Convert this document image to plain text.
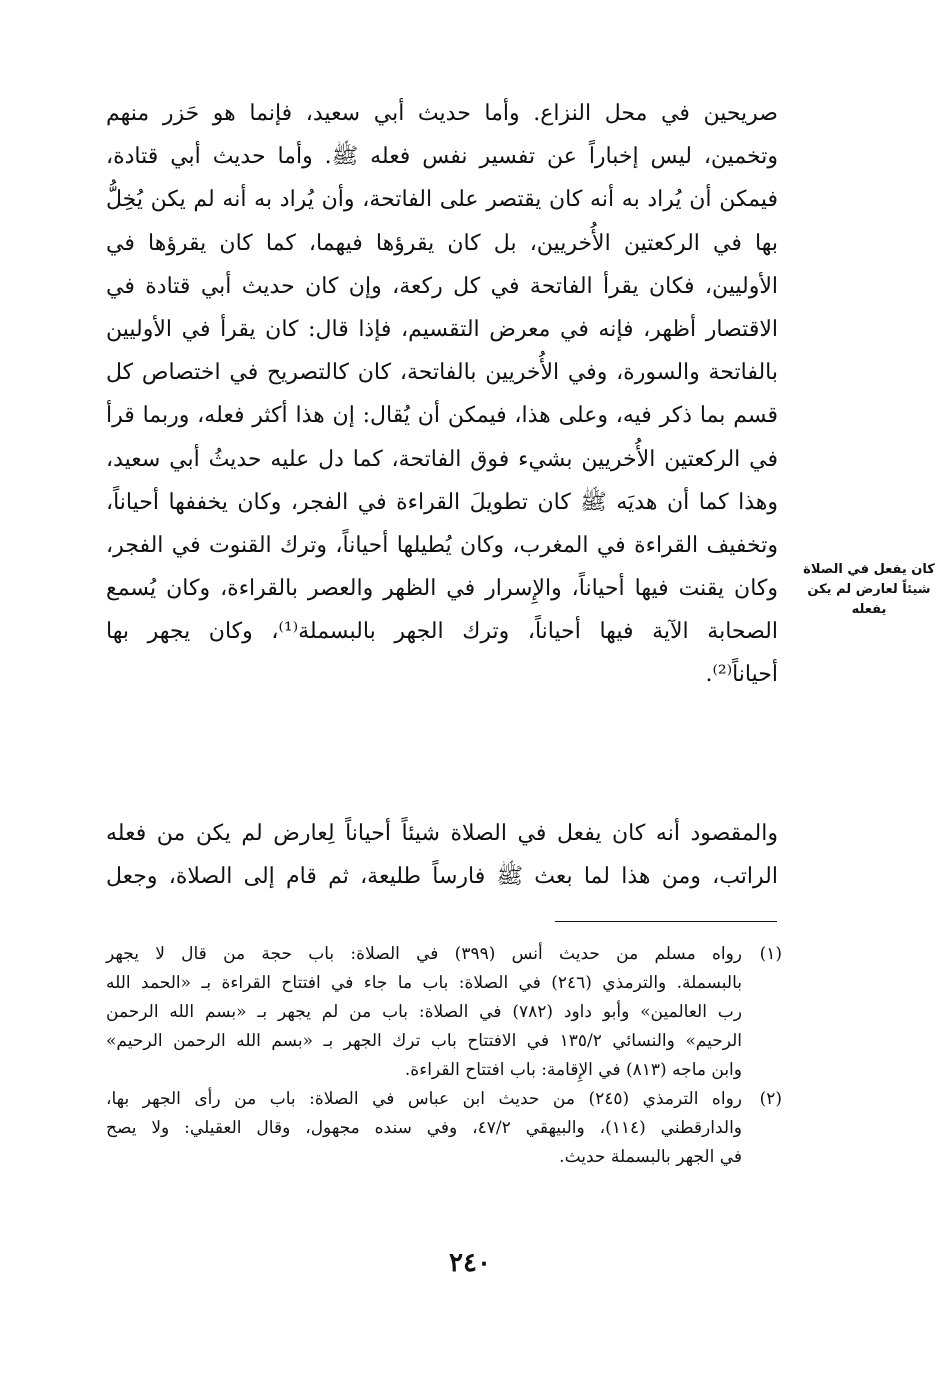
صريحين في محل النزاع. وأما حديث أبي سعيد، فإنما هو حَزر منهم
وتخمين، ليس إخباراً عن تفسير نفس فعله ﷺ. وأما حديث أبي قتادة،
فيمكن أن يُراد به أنه كان يقتصر على الفاتحة، وأن يُراد به أنه لم يكن يُخِلُّ
بها في الركعتين الأُخريين، بل كان يقرؤها فيهما، كما كان يقرؤها في
الأوليين، فكان يقرأ الفاتحة في كل ركعة، وإن كان حديث أبي قتادة في
الاقتصار أظهر، فإنه في معرض التقسيم، فإذا قال: كان يقرأ في الأوليين
بالفاتحة والسورة، وفي الأُخريين بالفاتحة، كان كالتصريح في اختصاص كل
قسم بما ذكر فيه، وعلى هذا، فيمكن أن يُقال: إن هذا أكثر فعله، وربما قرأ
في الركعتين الأُخريين بشيء فوق الفاتحة، كما دل عليه حديثُ أبي سعيد،
وهذا كما أن هديَه ﷺ كان تطويلَ القراءة في الفجر، وكان يخففها أحياناً،
وتخفيف القراءة في المغرب، وكان يُطيلها أحياناً، وترك القنوت في الفجر،
وكان يقنت فيها أحياناً، والإِسرار في الظهر والعصر بالقراءة، وكان يُسمع
الصحابة الآية فيها أحياناً، وترك الجهر بالبسملة⁽¹⁾، وكان يجهر بها
أحياناً⁽²⁾.
كان يفعل في الصلاة
شيئاً لعارض لم يكن
يفعله
والمقصود أنه كان يفعل في الصلاة شيئاً أحياناً لِعارض لم يكن من فعله
الراتب، ومن هذا لما بعث ﷺ فارساً طليعة، ثم قام إلى الصلاة، وجعل
(١)
رواه مسلم من حديث أنس (٣٩٩) في الصلاة: باب حجة من قال لا يجهر
بالبسملة. والترمذي (٢٤٦) في الصلاة: باب ما جاء في افتتاح القراءة بـ «الحمد الله
رب العالمين» وأبو داود (٧٨٢) في الصلاة: باب من لم يجهر بـ «بسم الله الرحمن
الرحيم» والنسائي ١٣٥/٢ في الافتتاح باب ترك الجهر بـ «بسم الله الرحمن الرحيم»
وابن ماجه (٨١٣) في الإِقامة: باب افتتاح القراءة.
(٢)
رواه الترمذي (٢٤٥) من حديث ابن عباس في الصلاة: باب من رأى الجهر بها،
والدارقطني (١١٤)، والبيهقي ٤٧/٢، وفي سنده مجهول، وقال العقيلي: ولا يصح
في الجهر بالبسملة حديث.
٢٤٠
